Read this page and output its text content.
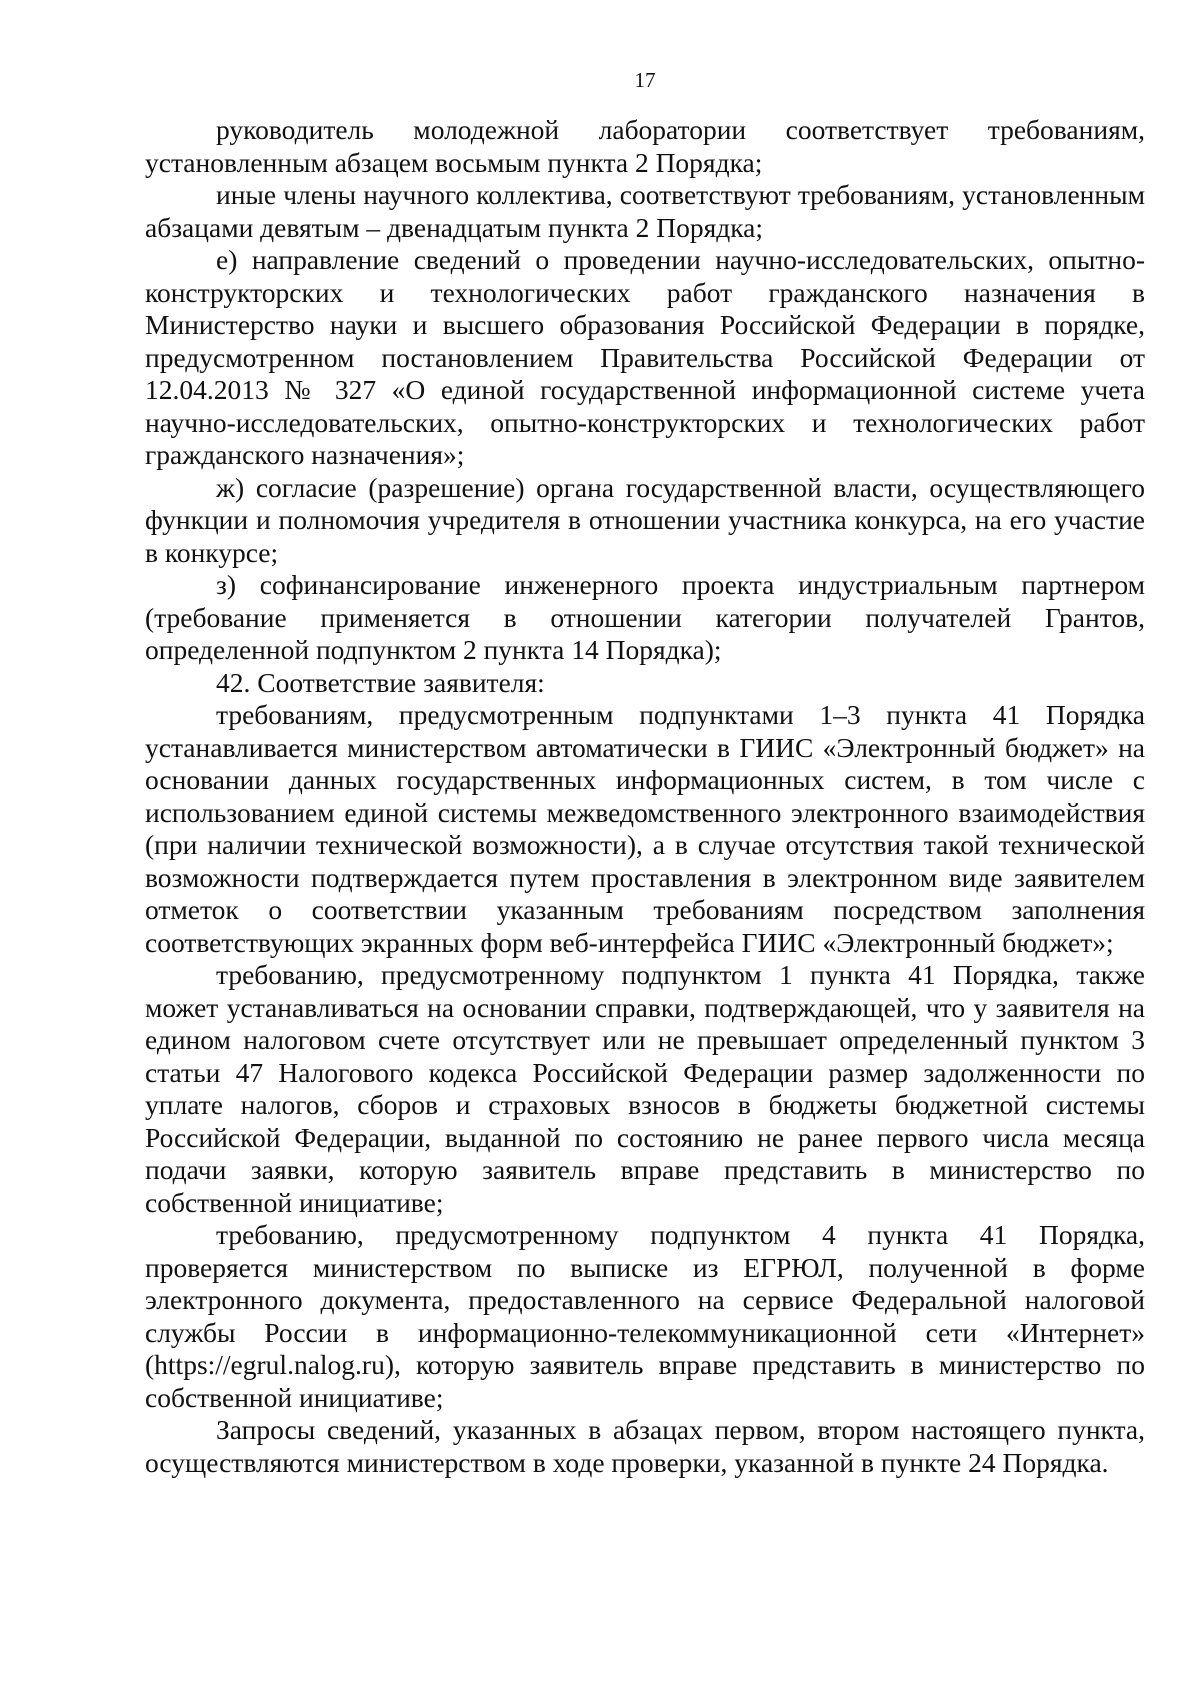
17

руководитель молодежной лаборатории соответствует требованиям, установленным абзацем восьмым пункта 2 Порядка;

иные члены научного коллектива, соответствуют требованиям, установленным абзацами девятым – двенадцатым пункта 2 Порядка;

е) направление сведений о проведении научно-исследовательских, опытно-конструкторских и технологических работ гражданского назначения в Министерство науки и высшего образования Российской Федерации в порядке, предусмотренном постановлением Правительства Российской Федерации от 12.04.2013 № 327 «О единой государственной информационной системе учета научно-исследовательских, опытно-конструкторских и технологических работ гражданского назначения»;

ж) согласие (разрешение) органа государственной власти, осуществляющего функции и полномочия учредителя в отношении участника конкурса, на его участие в конкурсе;

з) софинансирование инженерного проекта индустриальным партнером (требование применяется в отношении категории получателей Грантов, определенной подпунктом 2 пункта 14 Порядка);

42. Соответствие заявителя:

требованиям, предусмотренным подпунктами 1–3 пункта 41 Порядка устанавливается министерством автоматически в ГИИС «Электронный бюджет» на основании данных государственных информационных систем, в том числе с использованием единой системы межведомственного электронного взаимодействия (при наличии технической возможности), а в случае отсутствия такой технической возможности подтверждается путем проставления в электронном виде заявителем отметок о соответствии указанным требованиям посредством заполнения соответствующих экранных форм веб-интерфейса ГИИС «Электронный бюджет»;

требованию, предусмотренному подпунктом 1 пункта 41 Порядка, также может устанавливаться на основании справки, подтверждающей, что у заявителя на едином налоговом счете отсутствует или не превышает определенный пунктом 3 статьи 47 Налогового кодекса Российской Федерации размер задолженности по уплате налогов, сборов и страховых взносов в бюджеты бюджетной системы Российской Федерации, выданной по состоянию не ранее первого числа месяца подачи заявки, которую заявитель вправе представить в министерство по собственной инициативе;

требованию, предусмотренному подпунктом 4 пункта 41 Порядка, проверяется министерством по выписке из ЕГРЮЛ, полученной в форме электронного документа, предоставленного на сервисе Федеральной налоговой службы России в информационно-телекоммуникационной сети «Интернет» (https://egrul.nalog.ru), которую заявитель вправе представить в министерство по собственной инициативе;

Запросы сведений, указанных в абзацах первом, втором настоящего пункта, осуществляются министерством в ходе проверки, указанной в пункте 24 Порядка.
